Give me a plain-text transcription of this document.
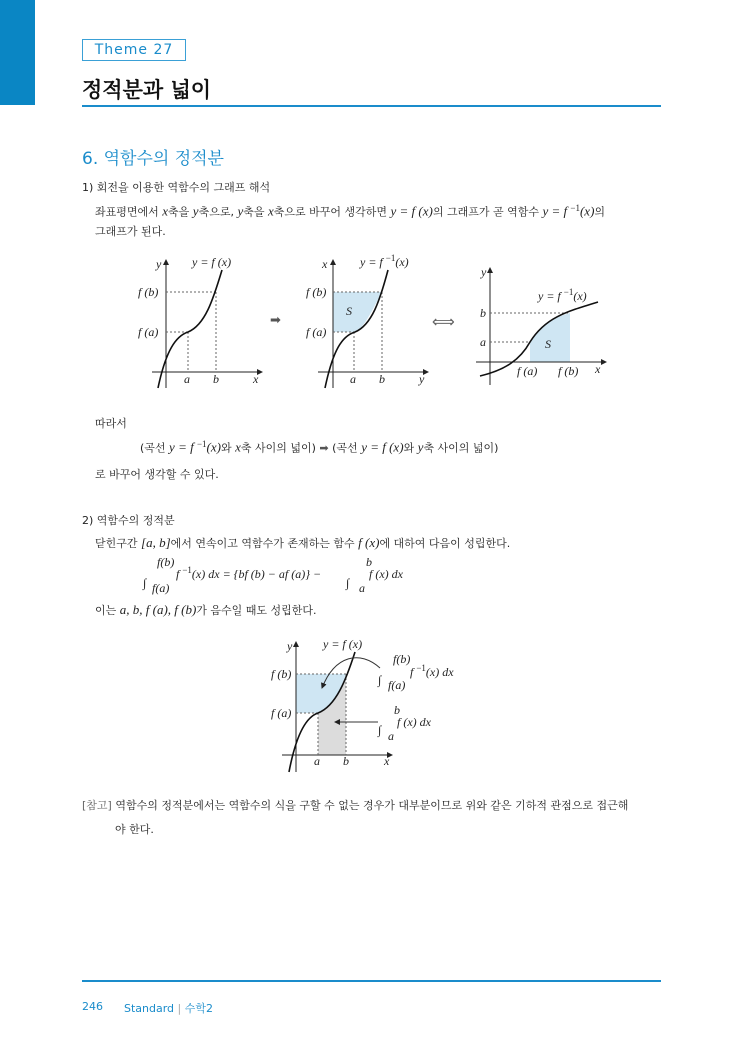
Theme 27
정적분과 넓이
6. 역함수의 정적분
1) 회전을 이용한 역함수의 그래프 해석
좌표평면에서 x축을 y축으로, y축을 x축으로 바꾸어 생각하면 y = f (x)의 그래프가 곧 역함수 y = f $^{-1}$(x)의
그래프가 된다.
y	y = f (x)
f (b)
f (a)
a b	x
➡
x	y = f $^{-1}$(x)
f (b)
f (a)
S
a b	y
⟺
y
y = f $^{-1}$(x)
b
a	S
f (a) f (b) x
따라서
(곡선 y = f $^{-1}$(x)와 x축 사이의 넓이) ➡ (곡선 y = f (x)와 y축 사이의 넓이)
로 바꾸어 생각할 수 있다.
2) 역함수의 정적분
닫힌구간 [a, b]에서 연속이고 역함수가 존재하는 함수 f (x)에 대하여 다음이 성립한다.
∫
f(b)
f(a)
f $^{-1}$(x) dx = {bf (b) − af (a)} −
∫
b
a
f (x) dx
이는 a, b, f (a), f (b)가 음수일 때도 성립한다.
y	y = f (x)
f (b)
f (a)
a b	x
∫
f(b)
f(a)
f $^{-1}$(x) dx
∫
b
a
f (x) dx
[참고] 역함수의 정적분에서는 역함수의 식을 구할 수 없는 경우가 대부분이므로 위와 같은 기하적 관점으로 접근해
야 한다.
246 Standard | 수학2
